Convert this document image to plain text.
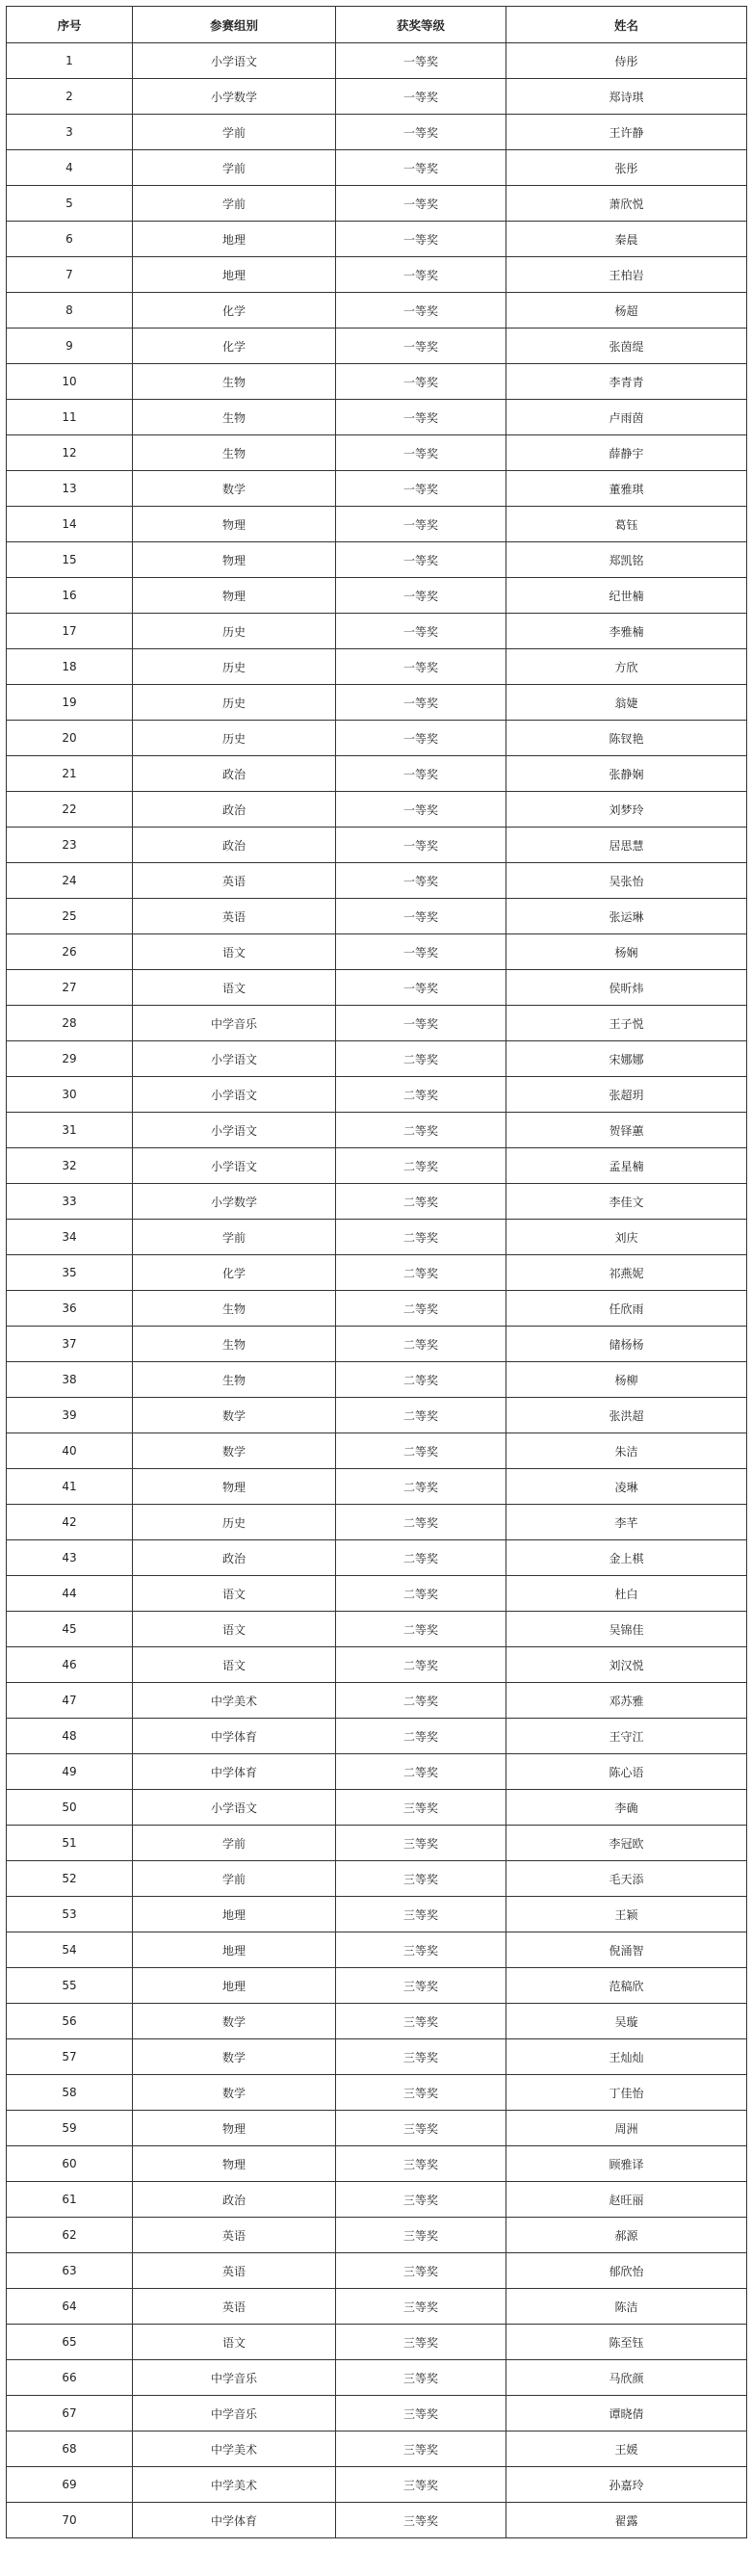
序号	参赛组别	获奖等级	姓名
1	小学语文	一等奖	侍彤
2	小学数学	一等奖	郑诗琪
3	学前	一等奖	王许静
4	学前	一等奖	张彤
5	学前	一等奖	萧欣悦
6	地理	一等奖	秦晨
7	地理	一等奖	王柏岩
8	化学	一等奖	杨超
9	化学	一等奖	张茵缇
10	生物	一等奖	李青青
11	生物	一等奖	卢雨茵
12	生物	一等奖	薛静宇
13	数学	一等奖	董雅琪
14	物理	一等奖	葛钰
15	物理	一等奖	郑凯铭
16	物理	一等奖	纪世楠
17	历史	一等奖	李雅楠
18	历史	一等奖	方欣
19	历史	一等奖	翁婕
20	历史	一等奖	陈钗艳
21	政治	一等奖	张静娴
22	政治	一等奖	刘梦玲
23	政治	一等奖	居思慧
24	英语	一等奖	吴张怡
25	英语	一等奖	张运琳
26	语文	一等奖	杨娴
27	语文	一等奖	侯昕炜
28	中学音乐	一等奖	王子悦
29	小学语文	二等奖	宋娜娜
30	小学语文	二等奖	张超玥
31	小学语文	二等奖	贺铎蕙
32	小学语文	二等奖	孟星楠
33	小学数学	二等奖	李佳文
34	学前	二等奖	刘庆
35	化学	二等奖	祁燕妮
36	生物	二等奖	任欣雨
37	生物	二等奖	储杨杨
38	生物	二等奖	杨柳
39	数学	二等奖	张洪超
40	数学	二等奖	朱洁
41	物理	二等奖	凌琳
42	历史	二等奖	李芊
43	政治	二等奖	金上棋
44	语文	二等奖	杜白
45	语文	二等奖	吴锦佳
46	语文	二等奖	刘汉悦
47	中学美术	二等奖	邓苏雅
48	中学体育	二等奖	王守江
49	中学体育	二等奖	陈心语
50	小学语文	三等奖	李确
51	学前	三等奖	李冠欧
52	学前	三等奖	毛天添
53	地理	三等奖	王颖
54	地理	三等奖	倪涌智
55	地理	三等奖	范稿欣
56	数学	三等奖	吴璇
57	数学	三等奖	王灿灿
58	数学	三等奖	丁佳怡
59	物理	三等奖	周洲
60	物理	三等奖	顾雅译
61	政治	三等奖	赵旺丽
62	英语	三等奖	郝源
63	英语	三等奖	郁欣怡
64	英语	三等奖	陈洁
65	语文	三等奖	陈至钰
66	中学音乐	三等奖	马欣颜
67	中学音乐	三等奖	谭晓倩
68	中学美术	三等奖	王媛
69	中学美术	三等奖	孙嘉玲
70	中学体育	三等奖	翟露
